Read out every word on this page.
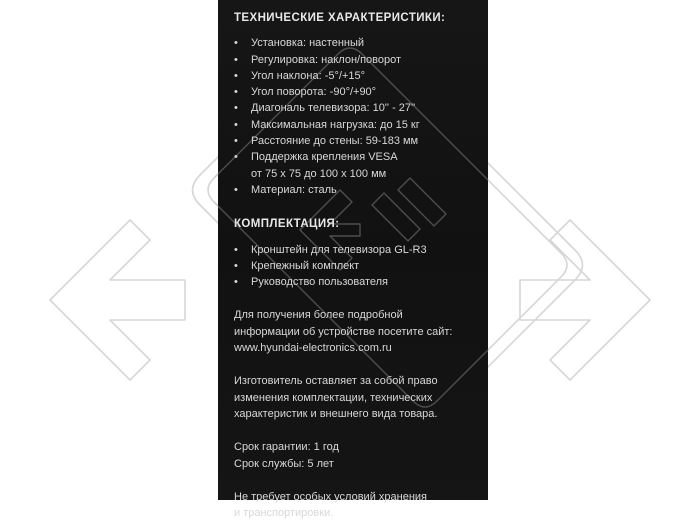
ТЕХНИЧЕСКИЕ ХАРАКТЕРИСТИКИ:
• Установка: настенный
• Регулировка: наклон/поворот
• Угол наклона: -5°/+15°
• Угол поворота: -90°/+90°
• Диагональ телевизора: 10'' - 27''
• Максимальная нагрузка: до 15 кг
• Расстояние до стены: 59-183 мм
• Поддержка крепления VESA
от 75 х 75 до 100 х 100 мм
• Материал: сталь
КОМПЛЕКТАЦИЯ:
• Кронштейн для телевизора GL-R3
• Крепежный комплект
• Руководство пользователя
Для получения более подробной
информации об устройстве посетите сайт:
www.hyundai-electronics.com.ru
Изготовитель оставляет за собой право
изменения комплектации, технических
характеристик и внешнего вида товара.
Срок гарантии: 1 год
Срок службы: 5 лет
Не требует особых условий хранения
и транспортировки.
